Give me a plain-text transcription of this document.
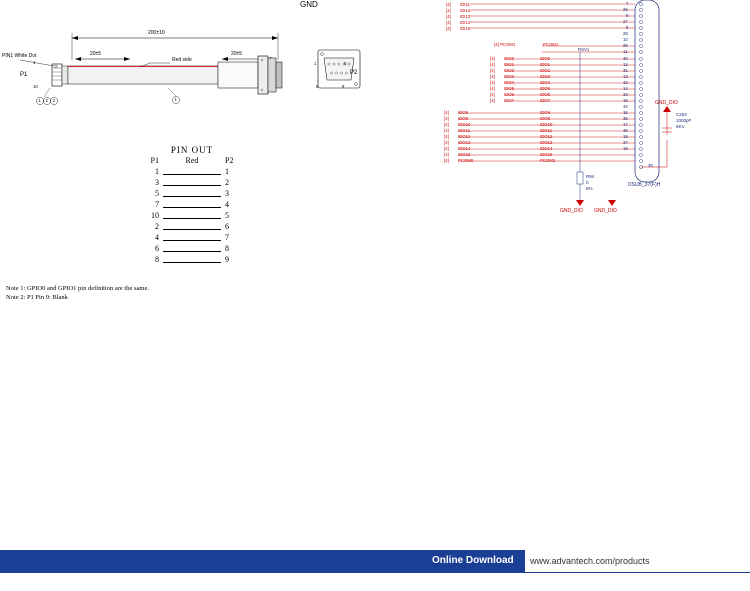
200±10
20±5	20±5
PIN1 White Dot
Red side
P1	P2
1	5
6	9
1
10
1 2 3	1
PIN OUT
P1	Red	P2
1		1
3		2
5		3
7		4
10		5
2		6
4		7
6		8
8		9
Note 1: GPIO0 and GPIO1 pin definition are the same.
Note 2: P1 Pin 9: Blank
$\overline{GND}$	[4] IDI11
[4] IDI12
[4] IDI13
[4] IDI14
[4] IDI15
[4] PCOM1	PCOM1
RSV1
[4] IDO0
[4] IDO1
[4] IDO2
[4] IDO3
[4] IDO4
[4] IDO5
[4] IDO6
[4] IDO7
IDO0
IDO1
IDO2
IDO3
IDO4
IDO5
IDO6
IDO7
[4] IDO8
[4] IDO9
[4] IDO10
[4] IDO11
[4] IDO12
[4] IDO13
[4] IDO14
[4] IDO15
[4] PCOM0
IDO8
IDO9
IDO10
IDO11
IDO12
IDO13
IDO14
IDO15
PCOM2
7
26
8
27
9
28
10
29
11
30
12
31
13
32
14
33
15
34
16
35
17
36
18
37
19
39
DSUB_37(F)H
R94
0
5%
C204
1000pF
5KV
GND_DIO
GND_DIO GND_DIO
Online Download www.advantech.com/products
